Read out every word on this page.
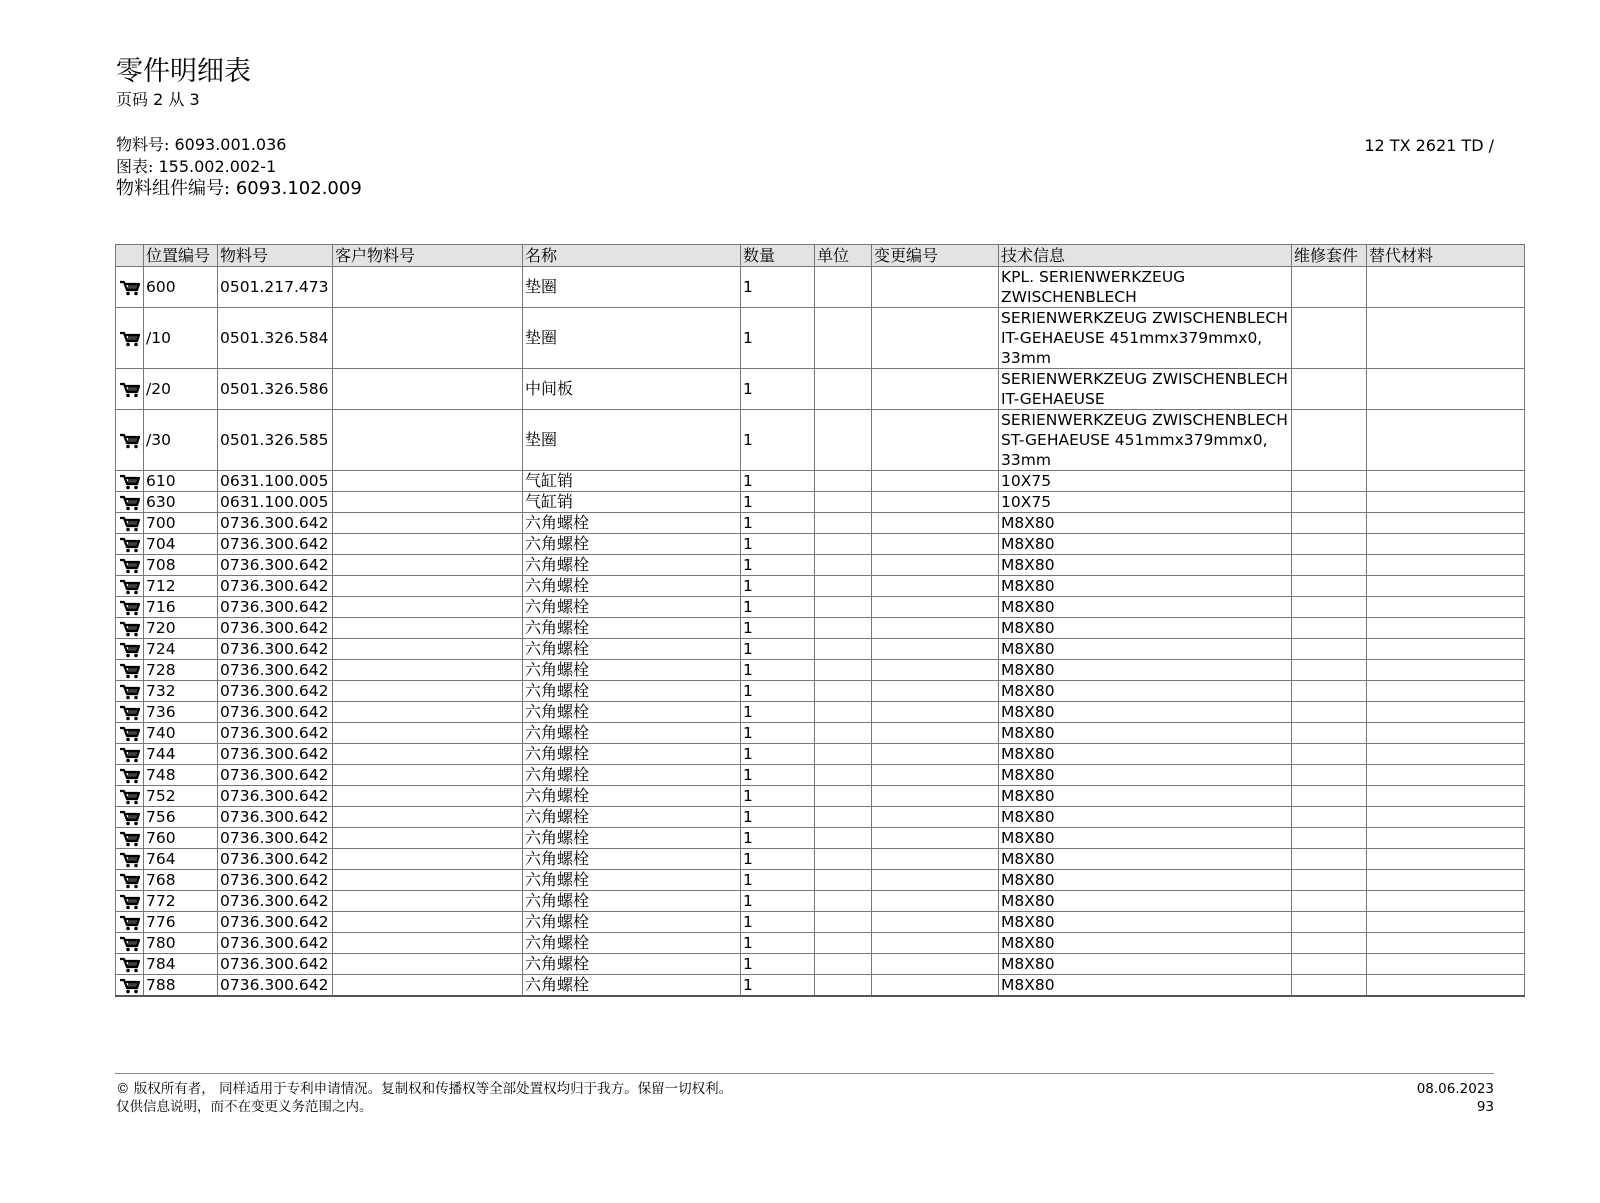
零件明细表
页码 2 从 3
物料号: 6093.001.036
图表: 155.002.002-1
物料组件编号: 6093.102.009
12 TX 2621 TD /
	位置编号	物料号	客户物料号	名称	数量	单位	变更编号	技术信息	维修套件	替代材料

	600	0501.217.473		垫圈	1			KPL. SERIENWERKZEUG ZWISCHENBLECH		

	/10	0501.326.584		垫圈	1			SERIENWERKZEUG ZWISCHENBLECH IT-GEHAEUSE 451mmx379mmx0, 33mm		

	/20	0501.326.586		中间板	1			SERIENWERKZEUG ZWISCHENBLECH IT-GEHAEUSE		

	/30	0501.326.585		垫圈	1			SERIENWERKZEUG ZWISCHENBLECH ST-GEHAEUSE 451mmx379mmx0, 33mm		

	610	0631.100.005		气缸销	1			10X75		

	630	0631.100.005		气缸销	1			10X75		

	700	0736.300.642		六角螺栓	1			M8X80		

	704	0736.300.642		六角螺栓	1			M8X80		

	708	0736.300.642		六角螺栓	1			M8X80		

	712	0736.300.642		六角螺栓	1			M8X80		

	716	0736.300.642		六角螺栓	1			M8X80		

	720	0736.300.642		六角螺栓	1			M8X80		

	724	0736.300.642		六角螺栓	1			M8X80		

	728	0736.300.642		六角螺栓	1			M8X80		

	732	0736.300.642		六角螺栓	1			M8X80		

	736	0736.300.642		六角螺栓	1			M8X80		

	740	0736.300.642		六角螺栓	1			M8X80		

	744	0736.300.642		六角螺栓	1			M8X80		

	748	0736.300.642		六角螺栓	1			M8X80		

	752	0736.300.642		六角螺栓	1			M8X80		

	756	0736.300.642		六角螺栓	1			M8X80		

	760	0736.300.642		六角螺栓	1			M8X80		

	764	0736.300.642		六角螺栓	1			M8X80		

	768	0736.300.642		六角螺栓	1			M8X80		

	772	0736.300.642		六角螺栓	1			M8X80		

	776	0736.300.642		六角螺栓	1			M8X80		

	780	0736.300.642		六角螺栓	1			M8X80		

	784	0736.300.642		六角螺栓	1			M8X80		

	788	0736.300.642		六角螺栓	1			M8X80		
© 版权所有者， 同样适用于专利申请情况。复制权和传播权等全部处置权均归于我方。保留一切权利。
仅供信息说明，而不在变更义务范围之内。
08.06.2023
93
